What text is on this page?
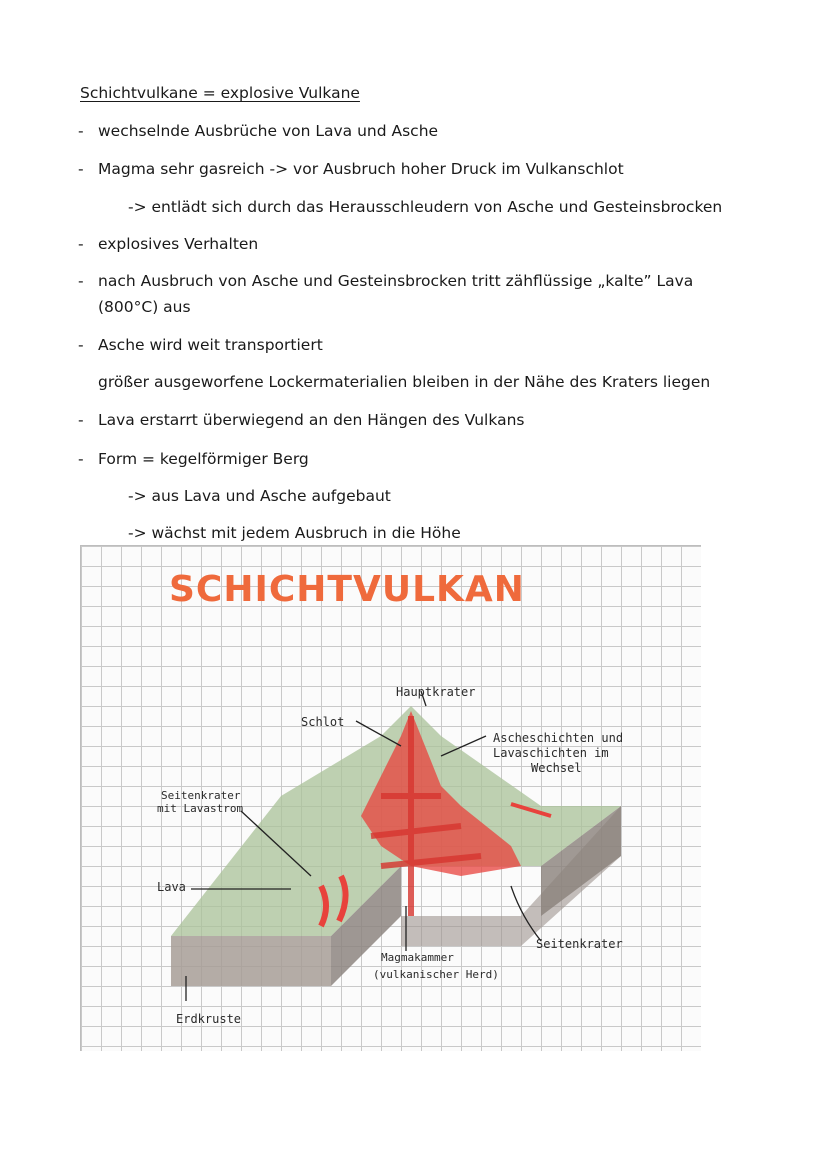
Schichtvulkane = explosive Vulkane
- wechselnde Ausbrüche von Lava und Asche
- Magma sehr gasreich -> vor Ausbruch hoher Druck im Vulkanschlot
-> entlädt sich durch das Herausschleudern von Asche und Gesteinsbrocken
- explosives Verhalten
- nach Ausbruch von Asche und Gesteinsbrocken tritt zähflüssige „kalte” Lava
(800°C) aus
- Asche wird weit transportiert
größer ausgeworfene Lockermaterialien bleiben in der Nähe des Kraters liegen
- Lava erstarrt überwiegend an den Hängen des Vulkans
- Form = kegelförmiger Berg
-> aus Lava und Asche aufgebaut
-> wächst mit jedem Ausbruch in die Höhe
SCHICHTVULKAN
Hauptkrater
Schlot
Ascheschichten und
Lavaschichten im
Wechsel
Seitenkrater
mit Lavastrom
Lava
Seitenkrater
Magmakammer
(vulkanischer Herd)
Erdkruste
